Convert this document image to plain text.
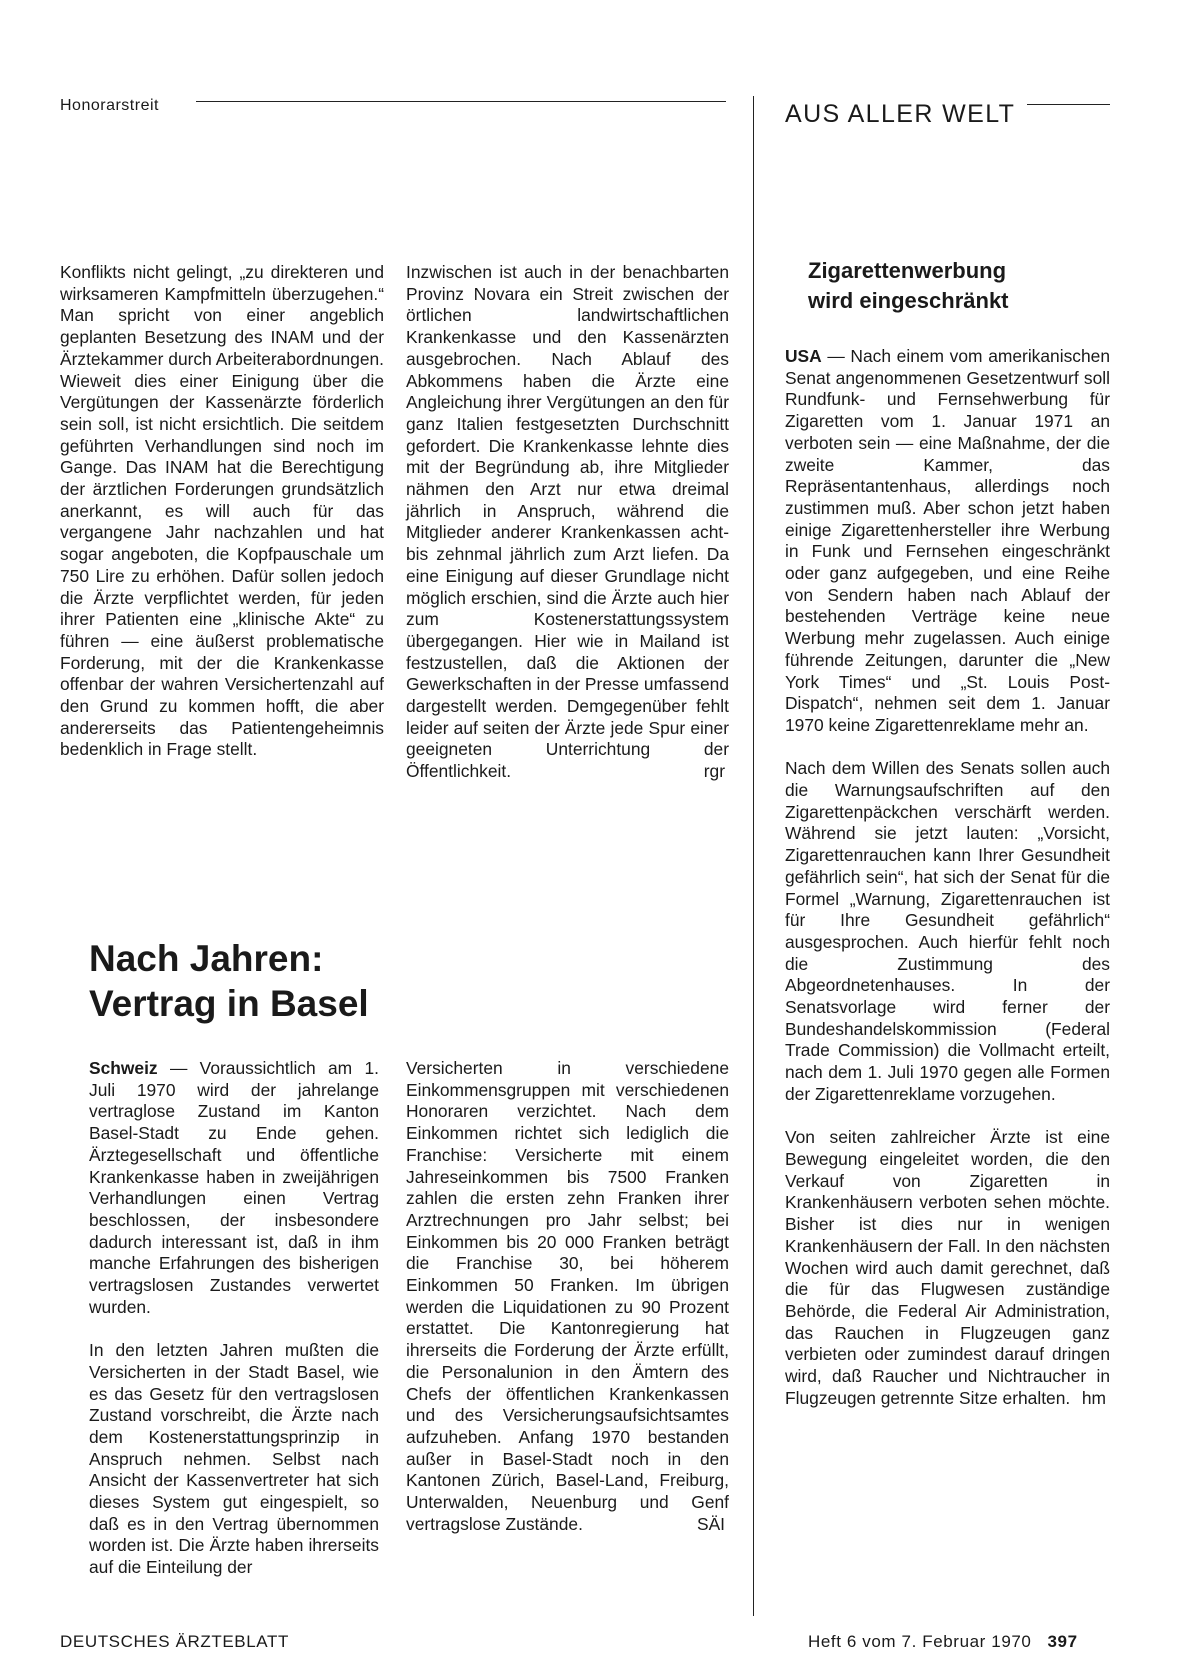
Honorarstreit	AUS ALLER WELT

Konflikts nicht gelingt, „zu direkteren und wirksameren Kampfmitteln überzugehen.“ Man spricht von einer angeblich geplanten Besetzung des INAM und der Ärztekammer durch Arbeiterabordnungen. Wieweit dies einer Einigung über die Vergütungen der Kassenärzte förderlich sein soll, ist nicht ersichtlich. Die seitdem geführten Verhandlungen sind noch im Gange. Das INAM hat die Berechtigung der ärztlichen Forderungen grundsätzlich anerkannt, es will auch für das vergangene Jahr nachzahlen und hat sogar angeboten, die Kopfpauschale um 750 Lire zu erhöhen. Dafür sollen jedoch die Ärzte verpflichtet werden, für jeden ihrer Patienten eine „klinische Akte“ zu führen — eine äußerst problematische Forderung, mit der die Krankenkasse offenbar der wahren Versichertenzahl auf den Grund zu kommen hofft, die aber andererseits das Patientengeheimnis bedenklich in Frage stellt.

Inzwischen ist auch in der benachbarten Provinz Novara ein Streit zwischen der örtlichen landwirtschaftlichen Krankenkasse und den Kassenärzten ausgebrochen. Nach Ablauf des Abkommens haben die Ärzte eine Angleichung ihrer Vergütungen an den für ganz Italien festgesetzten Durchschnitt gefordert. Die Krankenkasse lehnte dies mit der Begründung ab, ihre Mitglieder nähmen den Arzt nur etwa dreimal jährlich in Anspruch, während die Mitglieder anderer Krankenkassen acht- bis zehnmal jährlich zum Arzt liefen. Da eine Einigung auf dieser Grundlage nicht möglich erschien, sind die Ärzte auch hier zum Kostenerstattungssystem übergegangen. Hier wie in Mailand ist festzustellen, daß die Aktionen der Gewerkschaften in der Presse umfassend dargestellt werden. Demgegenüber fehlt leider auf seiten der Ärzte jede Spur einer geeigneten Unterrichtung der Öffentlichkeit.	rgr

Nach Jahren:
Vertrag in Basel

Schweiz — Voraussichtlich am 1. Juli 1970 wird der jahrelange vertraglose Zustand im Kanton Basel-Stadt zu Ende gehen. Ärztegesellschaft und öffentliche Krankenkasse haben in zweijährigen Verhandlungen einen Vertrag beschlossen, der insbesondere dadurch interessant ist, daß in ihm manche Erfahrungen des bisherigen vertragslosen Zustandes verwertet wurden.

In den letzten Jahren mußten die Versicherten in der Stadt Basel, wie es das Gesetz für den vertragslosen Zustand vorschreibt, die Ärzte nach dem Kostenerstattungsprinzip in Anspruch nehmen. Selbst nach Ansicht der Kassenvertreter hat sich dieses System gut eingespielt, so daß es in den Vertrag übernommen worden ist. Die Ärzte haben ihrerseits auf die Einteilung der

Versicherten in verschiedene Einkommensgruppen mit verschiedenen Honoraren verzichtet. Nach dem Einkommen richtet sich lediglich die Franchise: Versicherte mit einem Jahreseinkommen bis 7500 Franken zahlen die ersten zehn Franken ihrer Arztrechnungen pro Jahr selbst; bei Einkommen bis 20 000 Franken beträgt die Franchise 30, bei höherem Einkommen 50 Franken. Im übrigen werden die Liquidationen zu 90 Prozent erstattet. Die Kantonregierung hat ihrerseits die Forderung der Ärzte erfüllt, die Personalunion in den Ämtern des Chefs der öffentlichen Krankenkassen und des Versicherungsaufsichtsamtes aufzuheben. Anfang 1970 bestanden außer in Basel-Stadt noch in den Kantonen Zürich, Basel-Land, Freiburg, Unterwalden, Neuenburg und Genf vertragslose Zustände.	SÄI

Zigarettenwerbung
wird eingeschränkt

USA — Nach einem vom amerikanischen Senat angenommenen Gesetzentwurf soll Rundfunk- und Fernsehwerbung für Zigaretten vom 1. Januar 1971 an verboten sein — eine Maßnahme, der die zweite Kammer, das Repräsentantenhaus, allerdings noch zustimmen muß. Aber schon jetzt haben einige Zigarettenhersteller ihre Werbung in Funk und Fernsehen eingeschränkt oder ganz aufgegeben, und eine Reihe von Sendern haben nach Ablauf der bestehenden Verträge keine neue Werbung mehr zugelassen. Auch einige führende Zeitungen, darunter die „New York Times“ und „St. Louis Post-Dispatch“, nehmen seit dem 1. Januar 1970 keine Zigarettenreklame mehr an.

Nach dem Willen des Senats sollen auch die Warnungsaufschriften auf den Zigarettenpäckchen verschärft werden. Während sie jetzt lauten: „Vorsicht, Zigarettenrauchen kann Ihrer Gesundheit gefährlich sein“, hat sich der Senat für die Formel „Warnung, Zigarettenrauchen ist für Ihre Gesundheit gefährlich“ ausgesprochen. Auch hierfür fehlt noch die Zustimmung des Abgeordnetenhauses. In der Senatsvorlage wird ferner der Bundeshandelskommission (Federal Trade Commission) die Vollmacht erteilt, nach dem 1. Juli 1970 gegen alle Formen der Zigarettenreklame vorzugehen.

Von seiten zahlreicher Ärzte ist eine Bewegung eingeleitet worden, die den Verkauf von Zigaretten in Krankenhäusern verboten sehen möchte. Bisher ist dies nur in wenigen Krankenhäusern der Fall. In den nächsten Wochen wird auch damit gerechnet, daß die für das Flugwesen zuständige Behörde, die Federal Air Administration, das Rauchen in Flugzeugen ganz verbieten oder zumindest darauf dringen wird, daß Raucher und Nichtraucher in Flugzeugen getrennte Sitze erhalten. hm

DEUTSCHES ÄRZTEBLATT	Heft 6 vom 7. Februar 1970 397
